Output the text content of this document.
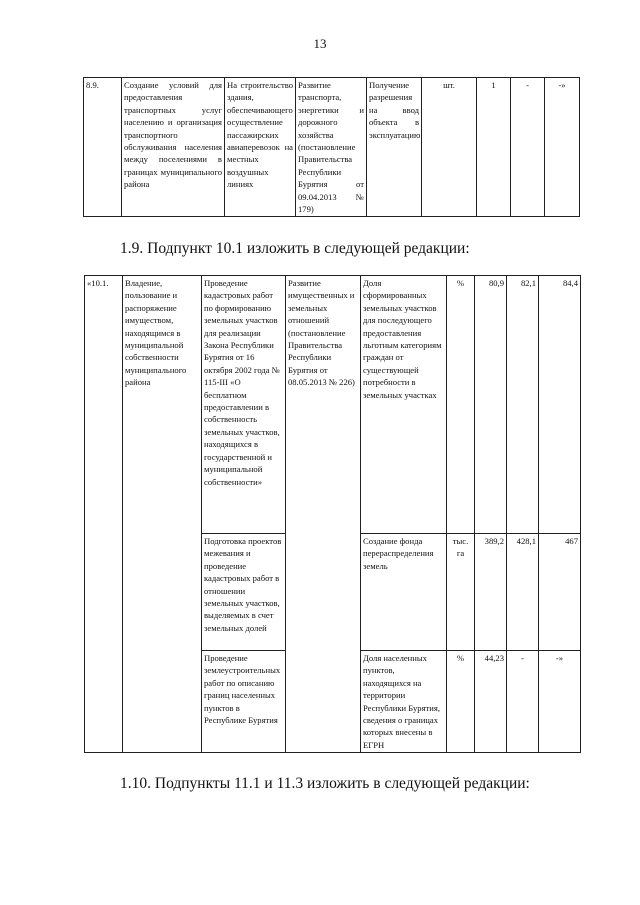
13
8.9.	Создание условий для предоставления транспортных услуг населению и организация транспортного обслуживания населения между поселениями в границах муниципального района	На строительство здания, обеспечивающего осуществление пассажирских авиаперевозок на местных воздушных линиях	Развитие транспорта, энергетики и дорожного хозяйства (постановление Правительства Республики Бурятия от 09.04.2013 № 179)	Получение разрешения на ввод объекта в эксплуатацию	шт.	1	-	-»
1.9. Подпункт 10.1 изложить в следующей редакции:
«10.1.	Владение, пользование и распоряжение имуществом, находящимся в муниципальной собственности муниципального района	Проведение кадастровых работ по формированию земельных участков для реализации Закона Республики Бурятия от 16 октября 2002 года № 115-III «О бесплатном предоставлении в собственность земельных участков, находящихся в государственной и муниципальной собственности»	Развитие имущественных и земельных отношений (постановление Правительства Республики Бурятия от 08.05.2013 № 226)	Доля сформированных земельных участков для последующего предоставления льготным категориям граждан от существующей потребности в земельных участках	%	80,9	82,1	84,4
		Подготовка проектов межевания и проведение кадастровых работ в отношении земельных участков, выделяемых в счет земельных долей		Создание фонда перераспределения земель	тыс. га	389,2	428,1	467
		Проведение землеустроительных работ по описанию границ населенных пунктов в Республике Бурятия		Доля населенных пунктов, находящихся на территории Республики Бурятия, сведения о границах которых внесены в ЕГРН	%	44,23	-	-»
1.10. Подпункты 11.1 и 11.3 изложить в следующей редакции:
